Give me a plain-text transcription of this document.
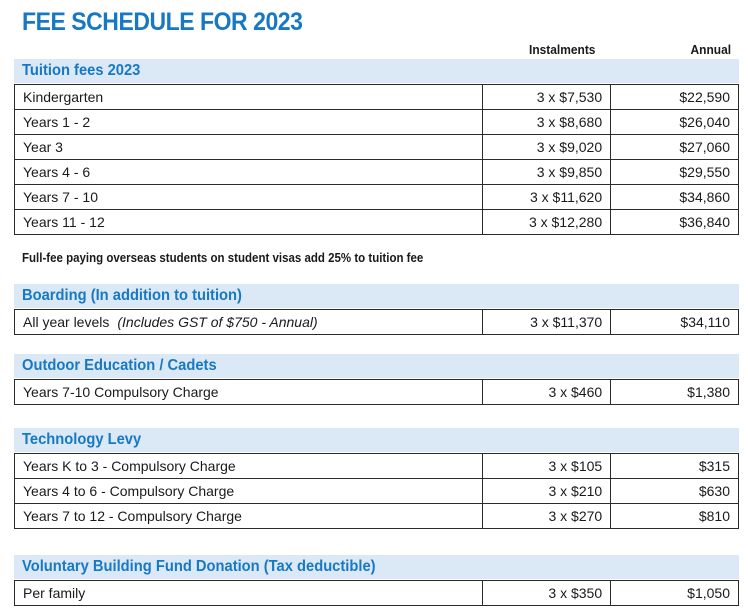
FEE SCHEDULE FOR 2023
Instalments	Annual
Tuition fees 2023
Kindergarten	3 x $7,530	$22,590
Years 1 - 2	3 x $8,680	$26,040
Year 3	3 x $9,020	$27,060
Years 4 - 6	3 x $9,850	$29,550
Years 7 - 10	3 x $11,620	$34,860
Years 11 - 12	3 x $12,280	$36,840
Full-fee paying overseas students on student visas add 25% to tuition fee
Boarding (In addition to tuition)
All year levels (Includes GST of $750 - Annual)	3 x $11,370	$34,110
Outdoor Education / Cadets
Years 7-10 Compulsory Charge	3 x $460	$1,380
Technology Levy
Years K to 3 - Compulsory Charge	3 x $105	$315
Years 4 to 6 - Compulsory Charge	3 x $210	$630
Years 7 to 12 - Compulsory Charge	3 x $270	$810
Voluntary Building Fund Donation (Tax deductible)
Per family	3 x $350	$1,050
